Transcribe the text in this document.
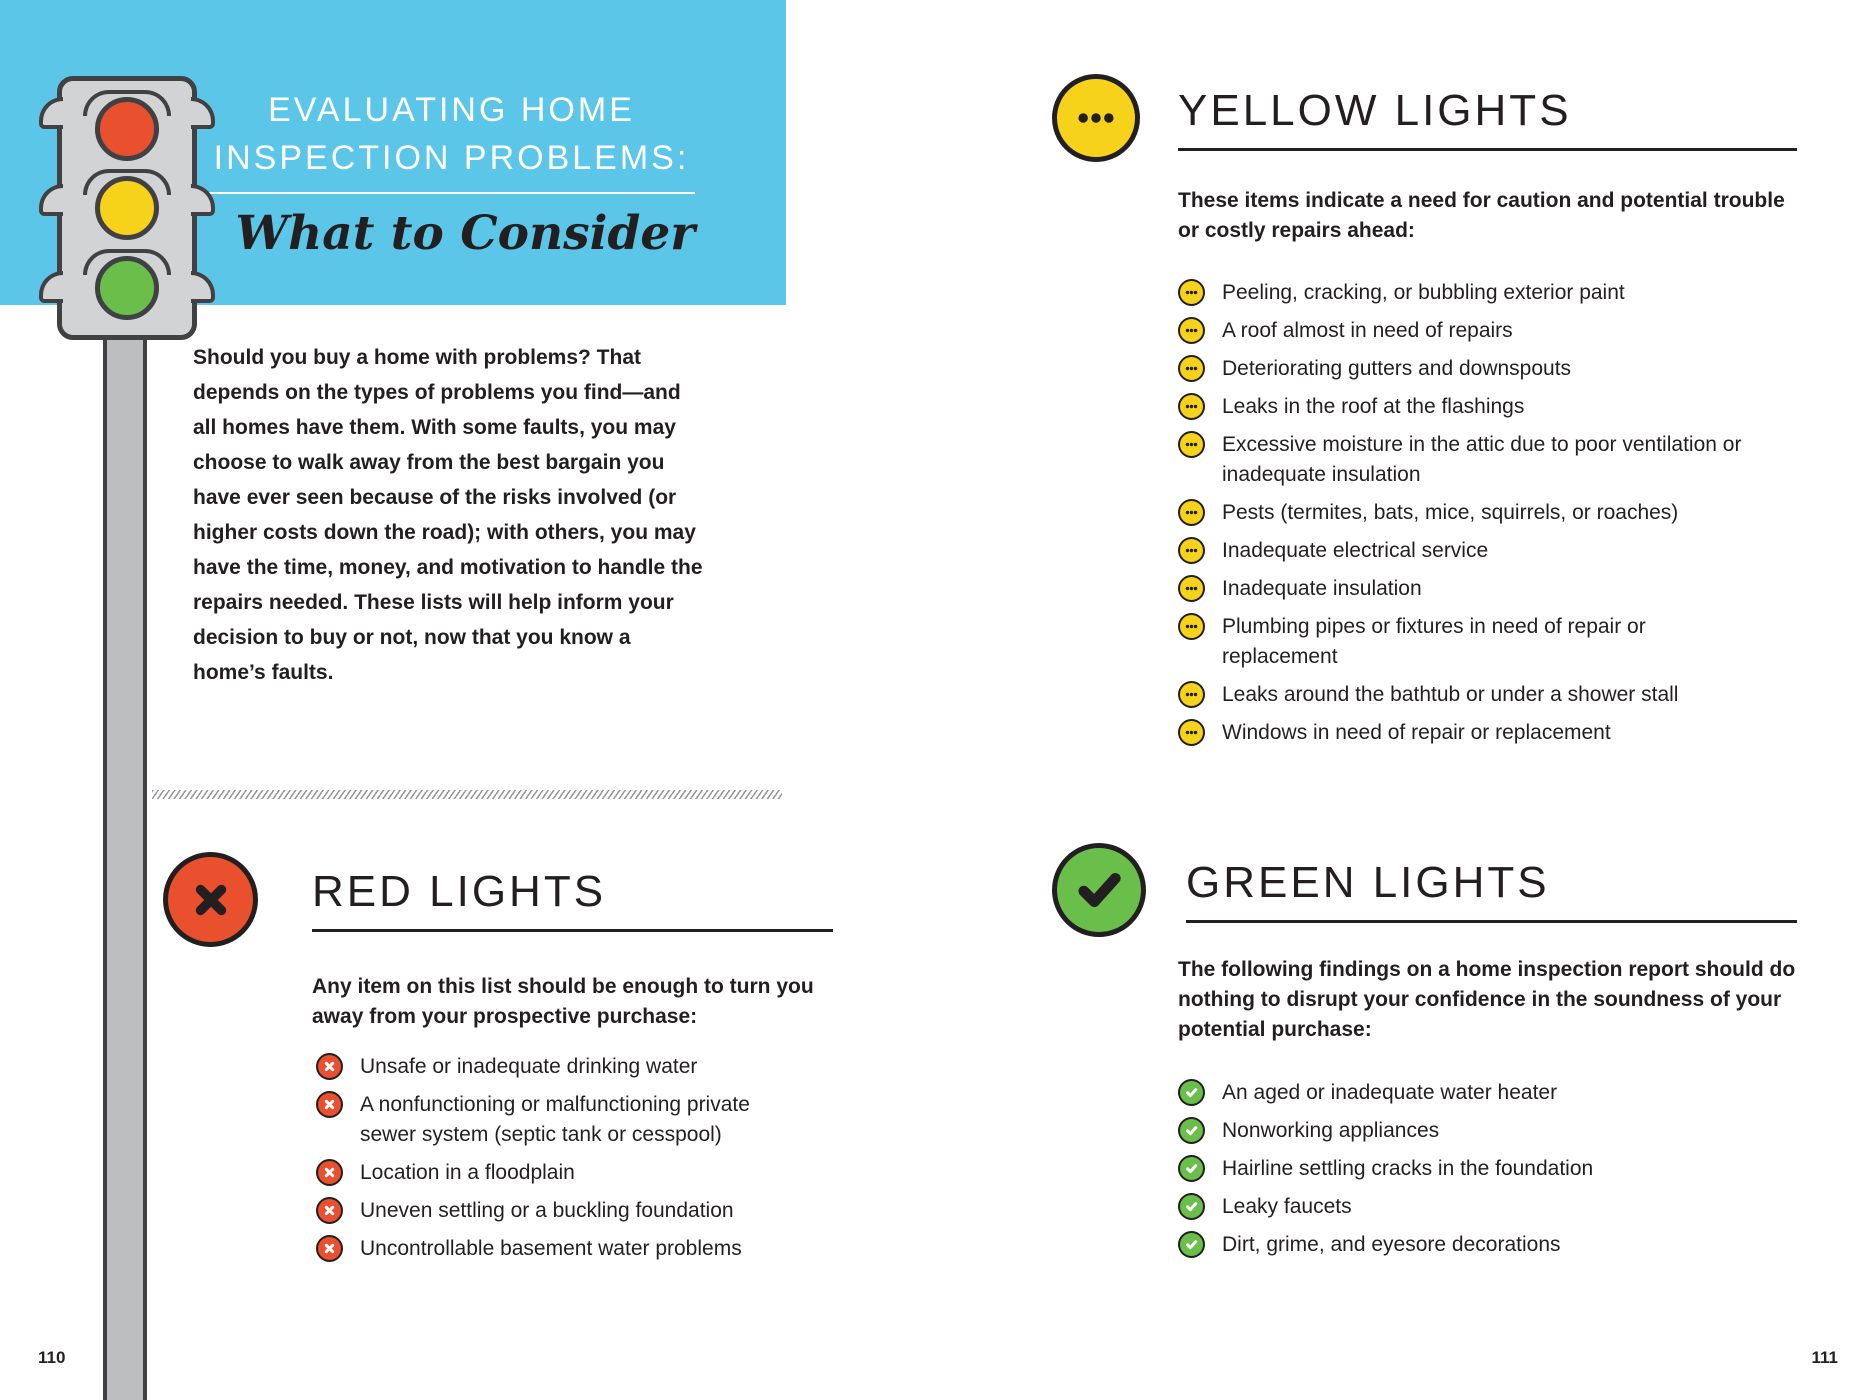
EVALUATING HOME
INSPECTION PROBLEMS:
What to Consider

Should you buy a home with problems? That depends on the types of problems you find—and all homes have them. With some faults, you may choose to walk away from the best bargain you have ever seen because of the risks involved (or higher costs down the road); with others, you may have the time, money, and motivation to handle the repairs needed. These lists will help inform your decision to buy or not, now that you know a home’s faults.

RED LIGHTS

Any item on this list should be enough to turn you away from your prospective purchase:

Unsafe or inadequate drinking water
A nonfunctioning or malfunctioning private sewer system (septic tank or cesspool)
Location in a floodplain
Uneven settling or a buckling foundation
Uncontrollable basement water problems
110
YELLOW LIGHTS

These items indicate a need for caution and potential trouble or costly repairs ahead:

Peeling, cracking, or bubbling exterior paint
A roof almost in need of repairs
Deteriorating gutters and downspouts
Leaks in the roof at the flashings
Excessive moisture in the attic due to poor ventilation or inadequate insulation
Pests (termites, bats, mice, squirrels, or roaches)
Inadequate electrical service
Inadequate insulation
Plumbing pipes or fixtures in need of repair or replacement
Leaks around the bathtub or under a shower stall
Windows in need of repair or replacement
GREEN LIGHTS

The following findings on a home inspection report should do nothing to disrupt your confidence in the soundness of your potential purchase:

An aged or inadequate water heater
Nonworking appliances
Hairline settling cracks in the foundation
Leaky faucets
Dirt, grime, and eyesore decorations
111
